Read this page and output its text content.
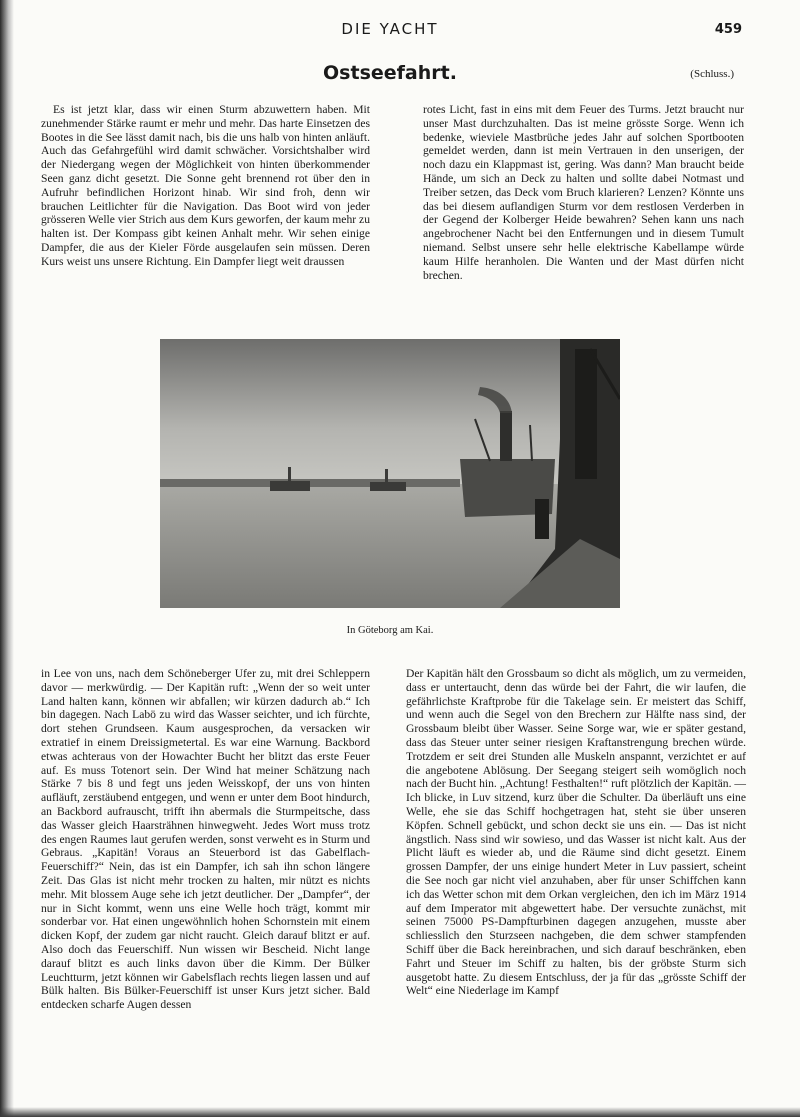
DIE YACHT	459
Ostseefahrt.	(Schluss.)

Es ist jetzt klar, dass wir einen Sturm abzuwettern haben. Mit zunehmender Stärke raumt er mehr und mehr. Das harte Einsetzen des Bootes in die See lässt damit nach, bis die uns halb von hinten anläuft. Auch das Gefahrgefühl wird damit schwächer. Vorsichtshalber wird der Niedergang wegen der Möglichkeit von hinten überkommender Seen ganz dicht gesetzt. Die Sonne geht brennend rot über den in Aufruhr befindlichen Horizont hinab. Wir sind froh, denn wir brauchen Leitlichter für die Navigation. Das Boot wird von jeder grösseren Welle vier Strich aus dem Kurs geworfen, der kaum mehr zu halten ist. Der Kompass gibt keinen Anhalt mehr. Wir sehen einige Dampfer, die aus der Kieler Förde ausgelaufen sein müssen. Deren Kurs weist uns unsere Richtung. Ein Dampfer liegt weit draussen

rotes Licht, fast in eins mit dem Feuer des Turms. Jetzt braucht nur unser Mast durchzuhalten. Das ist meine grösste Sorge. Wenn ich bedenke, wieviele Mastbrüche jedes Jahr auf solchen Sportbooten gemeldet werden, dann ist mein Vertrauen in den unserigen, der noch dazu ein Klappmast ist, gering. Was dann? Man braucht beide Hände, um sich an Deck zu halten und sollte dabei Notmast und Treiber setzen, das Deck vom Bruch klarieren? Lenzen? Könnte uns das bei diesem auflandigen Sturm vor dem restlosen Verderben in der Gegend der Kolberger Heide bewahren? Sehen kann uns nach angebrochener Nacht bei den Entfernungen und in diesem Tumult niemand. Selbst unsere sehr helle elektrische Kabellampe würde kaum Hilfe heranholen. Die Wanten und der Mast dürfen nicht brechen.

In Göteborg am Kai.

in Lee von uns, nach dem Schöneberger Ufer zu, mit drei Schleppern davor — merkwürdig. — Der Kapitän ruft: „Wenn der so weit unter Land halten kann, können wir abfallen; wir kürzen dadurch ab.“ Ich bin dagegen. Nach Labö zu wird das Wasser seichter, und ich fürchte, dort stehen Grundseen. Kaum ausgesprochen, da versacken wir extratief in einem Dreissigmetertal. Es war eine Warnung. Backbord etwas achteraus von der Howachter Bucht her blitzt das erste Feuer auf. Es muss Totenort sein. Der Wind hat meiner Schätzung nach Stärke 7 bis 8 und fegt uns jeden Weisskopf, der uns von hinten aufläuft, zerstäubend entgegen, und wenn er unter dem Boot hindurch, an Backbord aufrauscht, trifft ihn abermals die Sturmpeitsche, dass das Wasser gleich Haarsträhnen hinwegweht. Jedes Wort muss trotz des engen Raumes laut gerufen werden, sonst verweht es in Sturm und Gebraus. „Kapitän! Voraus an Steuerbord ist das Gabelflach-Feuerschiff?“ Nein, das ist ein Dampfer, ich sah ihn schon längere Zeit. Das Glas ist nicht mehr trocken zu halten, mir nützt es nichts mehr. Mit blossem Auge sehe ich jetzt deutlicher. Der „Dampfer“, der nur in Sicht kommt, wenn uns eine Welle hoch trägt, kommt mir sonderbar vor. Hat einen ungewöhnlich hohen Schornstein mit einem dicken Kopf, der zudem gar nicht raucht. Gleich darauf blitzt er auf. Also doch das Feuerschiff. Nun wissen wir Bescheid. Nicht lange darauf blitzt es auch links davon über die Kimm. Der Bülker Leuchtturm, jetzt können wir Gabelsflach rechts liegen lassen und auf Bülk halten. Bis Bülker-Feuerschiff ist unser Kurs jetzt sicher. Bald entdecken scharfe Augen dessen

Der Kapitän hält den Grossbaum so dicht als möglich, um zu vermeiden, dass er untertaucht, denn das würde bei der Fahrt, die wir laufen, die gefährlichste Kraftprobe für die Takelage sein. Er meistert das Schiff, und wenn auch die Segel von den Brechern zur Hälfte nass sind, der Grossbaum bleibt über Wasser. Seine Sorge war, wie er später gestand, dass das Steuer unter seiner riesigen Kraftanstrengung brechen würde. Trotzdem er seit drei Stunden alle Muskeln anspannt, verzichtet er auf die angebotene Ablösung. Der Seegang steigert seih womöglich noch nach der Bucht hin. „Achtung! Festhalten!“ ruft plötzlich der Kapitän. — Ich blicke, in Luv sitzend, kurz über die Schulter. Da überläuft uns eine Welle, ehe sie das Schiff hochgetragen hat, steht sie über unseren Köpfen. Schnell gebückt, und schon deckt sie uns ein. — Das ist nicht ängstlich. Nass sind wir sowieso, und das Wasser ist nicht kalt. Aus der Plicht läuft es wieder ab, und die Räume sind dicht gesetzt. Einem grossen Dampfer, der uns einige hundert Meter in Luv passiert, scheint die See noch gar nicht viel anzuhaben, aber für unser Schiffchen kann ich das Wetter schon mit dem Orkan vergleichen, den ich im März 1914 auf dem Imperator mit abgewettert habe. Der versuchte zunächst, mit seinen 75000 PS-Dampfturbinen dagegen anzugehen, musste aber schliesslich den Sturzseen nachgeben, die dem schwer stampfenden Schiff über die Back hereinbrachen, und sich darauf beschränken, eben Fahrt und Steuer im Schiff zu halten, bis der gröbste Sturm sich ausgetobt hatte. Zu diesem Entschluss, der ja für das „grösste Schiff der Welt“ eine Niederlage im Kampf
